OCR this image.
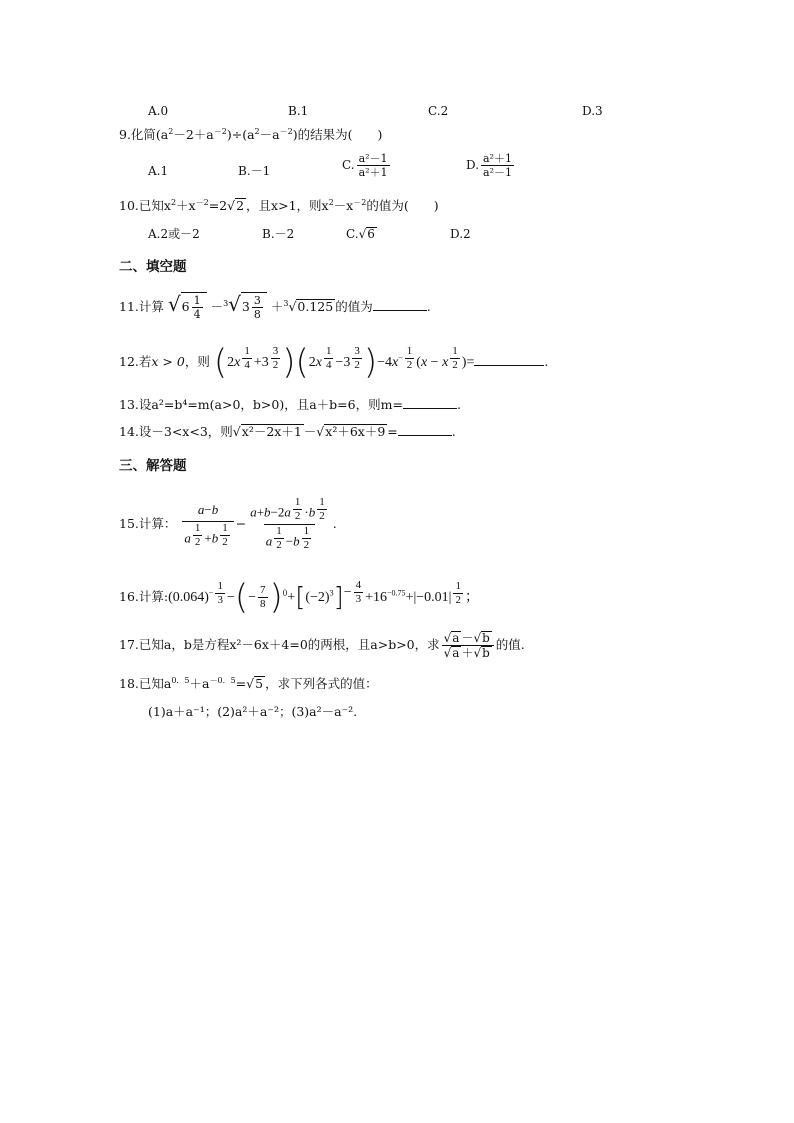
A.0	B.1	C.2	D.3
9.化简$(a^2-2+a^{-2})\div(a^2-a^{-2})$的结果为(　　)
A.1	B.－1	C. $\frac{\text{a²－1}}{\text{a²＋1}}$	D. $\frac{\text{a²＋1}}{\text{a²－1}}$
10.已知$x^2+x^{-2}=2√2$ ，且x>1，则$x^2-x^{-2}$的值为(　　)
A.2或－2	B.－2	C.√6	D.2
二、填空题
11.计算 $√6 \frac{1}{4} -^3√3 \frac{3}{8} +^3√0.125$ 的值为	.
12.若x > 0，则 (2x $^{\frac{1}{4}}$ +3 $^{\frac{3}{2}}$ )(2x $^{\frac{1}{4}}$ −3 $^{\frac{3}{2}}$ )$-4x^{- \frac{1}{2}}$ (x − x $^{\frac{1}{2}}$ )=	.
13.设a²=b⁴=m(a>0，b>0)，且a＋b=6，则m=	.
14.设－3<x<3，则√x²－2x＋1 －√x²＋6x＋9 =	.
三、解答题
15.计算： a−b
a $^{\frac{1}{2}}$ +b $^{\frac{1}{2}}$ − a+b−2a $^{\frac{1}{2}}$ ·b $^{\frac{1}{2}}$
a $^{\frac{1}{2}}$ −b $^{\frac{1}{2}}$ .
16.计算$:(0.064)^{- \frac{1}{3}}$ −(− $\frac{7}{8} )^0+[(-2)^3]^{- \frac{4}{3}} +16^{-0.75}+|-0.01|$ $^{\frac{1}{2}}$ ；
17.已知a，b是方程x²－6x＋4=0的两根，且a>b>0，求 $\frac{√a -√b}{√a +√b}$ 的值.
18.已知$a^{0.5}+a^{-0.5}=√5$ ，求下列各式的值：
(1)a＋a⁻¹；(2)a²＋a⁻²；(3)a²－a⁻².
